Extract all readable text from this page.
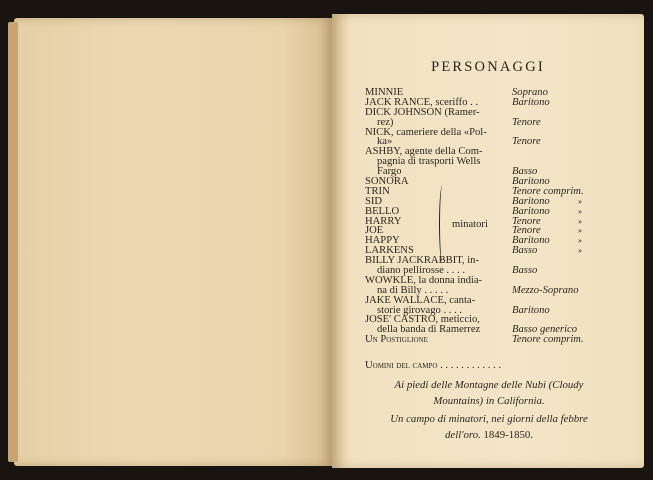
PERSONAGGI
MINNIE	Soprano
JACK RANCE, sceriffo . .	Baritono
DICK JOHNSON (Ramer-
rez)	Tenore
NICK, cameriere della «Pol-
ka»	Tenore
ASHBY, agente della Com-
pagnia di trasporti Wells
Fargo	Basso
SONORA	Baritono
TRIN	Tenore comprim.
SID	Baritono	»
BELLO	Baritono	»
HARRY	Tenore	»
JOE	Tenore	»
HAPPY	Baritono	»
LARKENS	Basso	»
BILLY JACKRABBIT, in-
diano pellirosse . . . .	Basso
WOWKLE, la donna india-
na di Billy . . . . .	Mezzo-Soprano
JAKE WALLACE, canta-
storie girovago . . . .	Baritono
JOSE' CASTRO, meticcio,
della banda di Ramerrez	Basso generico
Un Postiglione	Tenore comprim.
minatori
Uomini del campo . . . . . . . . . . . .
Ai piedi delle Montagne delle Nubi (Cloudy
Mountains) in California.
Un campo di minatori, nei giorni della febbre
dell'oro. 1849-1850.
